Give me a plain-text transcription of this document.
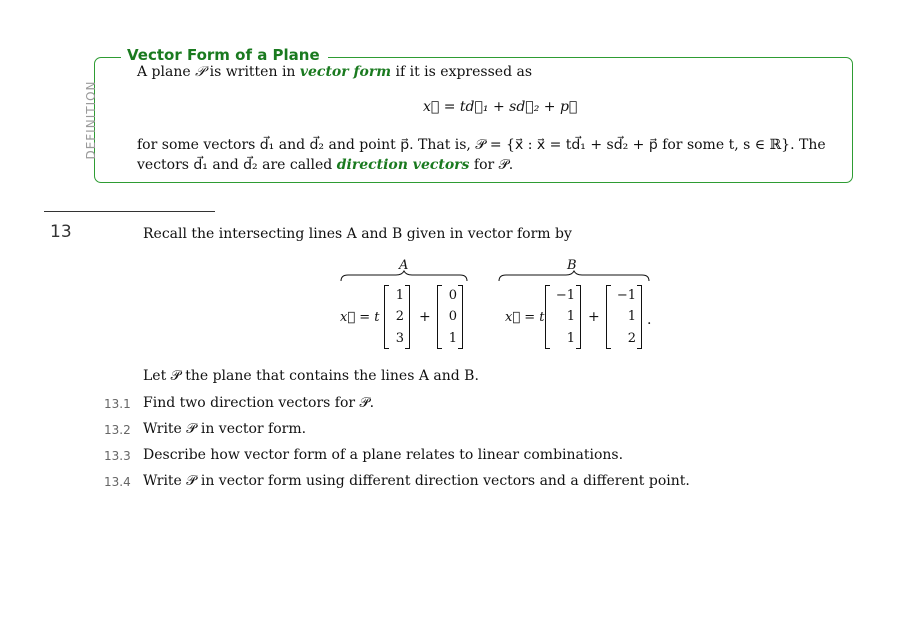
Vector Form of a Plane
DEFINITION
A plane 𝒫 is written in vector form if it is expressed as
x⃗ = td⃗₁ + sd⃗₂ + p⃗
for some vectors d⃗₁ and d⃗₂ and point p⃗. That is, 𝒫 = {x⃗ : x⃗ = td⃗₁ + sd⃗₂ + p⃗ for some t, s ∈ ℝ}. The
vectors d⃗₁ and d⃗₂ are called direction vectors for 𝒫.
13	Recall the intersecting lines A and B given in vector form by
A
x⃗ = t
1
2
3
+
0
0
1
B
x⃗ = t
−1
1
1
+
−1
1
2
.
Let 𝒫 the plane that contains the lines A and B.
13.1 Find two direction vectors for 𝒫.
13.2 Write 𝒫 in vector form.
13.3 Describe how vector form of a plane relates to linear combinations.
13.4 Write 𝒫 in vector form using different direction vectors and a different point.
